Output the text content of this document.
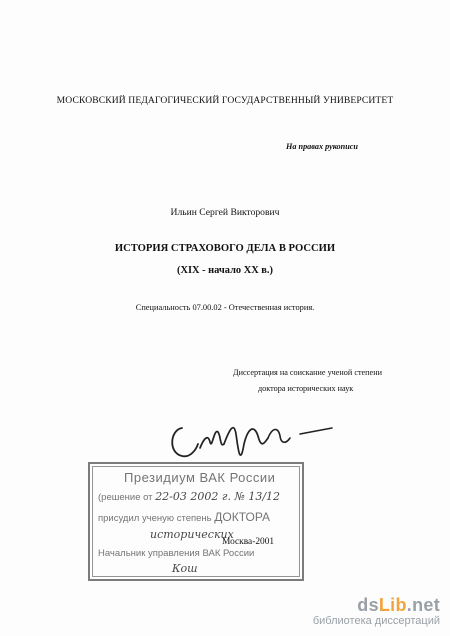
МОСКОВСКИЙ ПЕДАГОГИЧЕСКИЙ ГОСУДАРСТВЕННЫЙ УНИВЕРСИТЕТ
На правах рукописи
Ильин Сергей Викторович
ИСТОРИЯ СТРАХОВОГО ДЕЛА В РОССИИ
(XIX - начало XX в.)
Специальность 07.00.02 - Отечественная история.
Диссертация на соискание ученой степени
доктора исторических наук
Президиум ВАК России
(решение от 22-03 2002 г. № 13/12
присудил ученую степень ДОКТОРА
исторических
Начальник управления ВАК России
Кош
Москва-2001
dsLib.net
библиотека диссертаций
